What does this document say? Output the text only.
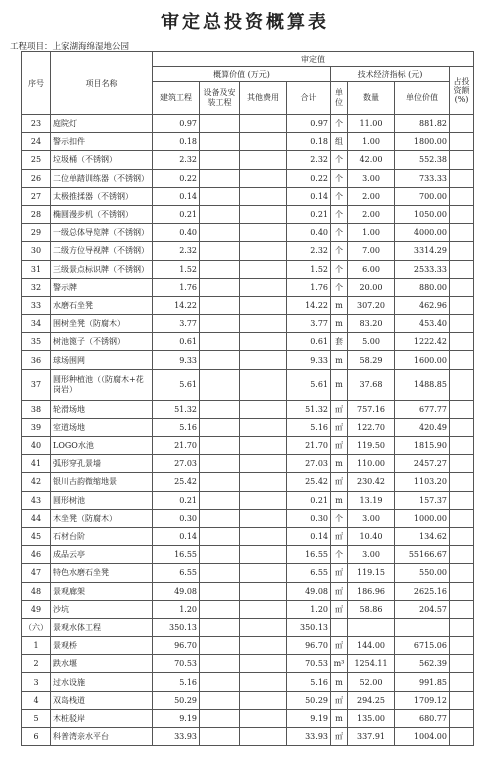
审定总投资概算表
工程项目：上家湖海绵湿地公园
序号	项目名称	审定值							
		概算价值 (万元)				技术经济指标 (元)			占投资额 (%)
		建筑工程	设备及安装工程	其他费用	合计	单位	数量	单位价值	
23	庭院灯	0.97			0.97	个	11.00	881.82	
24	警示扣件	0.18			0.18	组	1.00	1800.00	
25	垃圾桶（不锈钢）	2.32			2.32	个	42.00	552.38	
26	二位单踏训练器（不锈钢）	0.22			0.22	个	3.00	733.33	
27	太极推揉器（不锈钢）	0.14			0.14	个	2.00	700.00	
28	椭圆漫步机（不锈钢）	0.21			0.21	个	2.00	1050.00	
29	一级总体导览牌（不锈钢）	0.40			0.40	个	1.00	4000.00	
30	二级方位导视牌（不锈钢）	2.32			2.32	个	7.00	3314.29	
31	三级景点标识牌（不锈钢）	1.52			1.52	个	6.00	2533.33	
32	警示牌	1.76			1.76	个	20.00	880.00	
33	水磨石坐凳	14.22			14.22	m	307.20	462.96	
34	围树坐凳（防腐木）	3.77			3.77	m	83.20	453.40	
35	树池篦子（不锈钢）	0.61			0.61	套	5.00	1222.42	
36	球场围网	9.33			9.33	m	58.29	1600.00	
37	圆形种植池（（防腐木+花岗岩）	5.61			5.61	m	37.68	1488.85	
38	轮滑场地	51.32			51.32	㎡	757.16	677.77	
39	室道场地	5.16			5.16	㎡	122.70	420.49	
40	LOGO水池	21.70			21.70	㎡	119.50	1815.90	
41	弧形穿孔景墙	27.03			27.03	m	110.00	2457.27	
42	银川古韵微缩地景	25.42			25.42	㎡	230.42	1103.20	
43	圆形树池	0.21			0.21	m	13.19	157.37	
44	木坐凳（防腐木）	0.30			0.30	个	3.00	1000.00	
45	石材台阶	0.14			0.14	㎡	10.40	134.62	
46	成品云亭	16.55			16.55	个	3.00	55166.67	
47	特色水磨石坐凳	6.55			6.55	㎡	119.15	550.00	
48	景观廊架	49.08			49.08	㎡	186.96	2625.16	
49	沙坑	1.20			1.20	㎡	58.86	204.57	
（六）	景观水体工程	350.13			350.13				
1	景观桥	96.70			96.70	㎡	144.00	6715.06	
2	跌水堰	70.53			70.53	m³	1254.11	562.39	
3	过水设施	5.16			5.16	m	52.00	991.85	
4	双岛栈道	50.29			50.29	㎡	294.25	1709.12	
5	木桩驳岸	9.19			9.19	m	135.00	680.77	
6	科普湾亲水平台	33.93			33.93	㎡	337.91	1004.00	
